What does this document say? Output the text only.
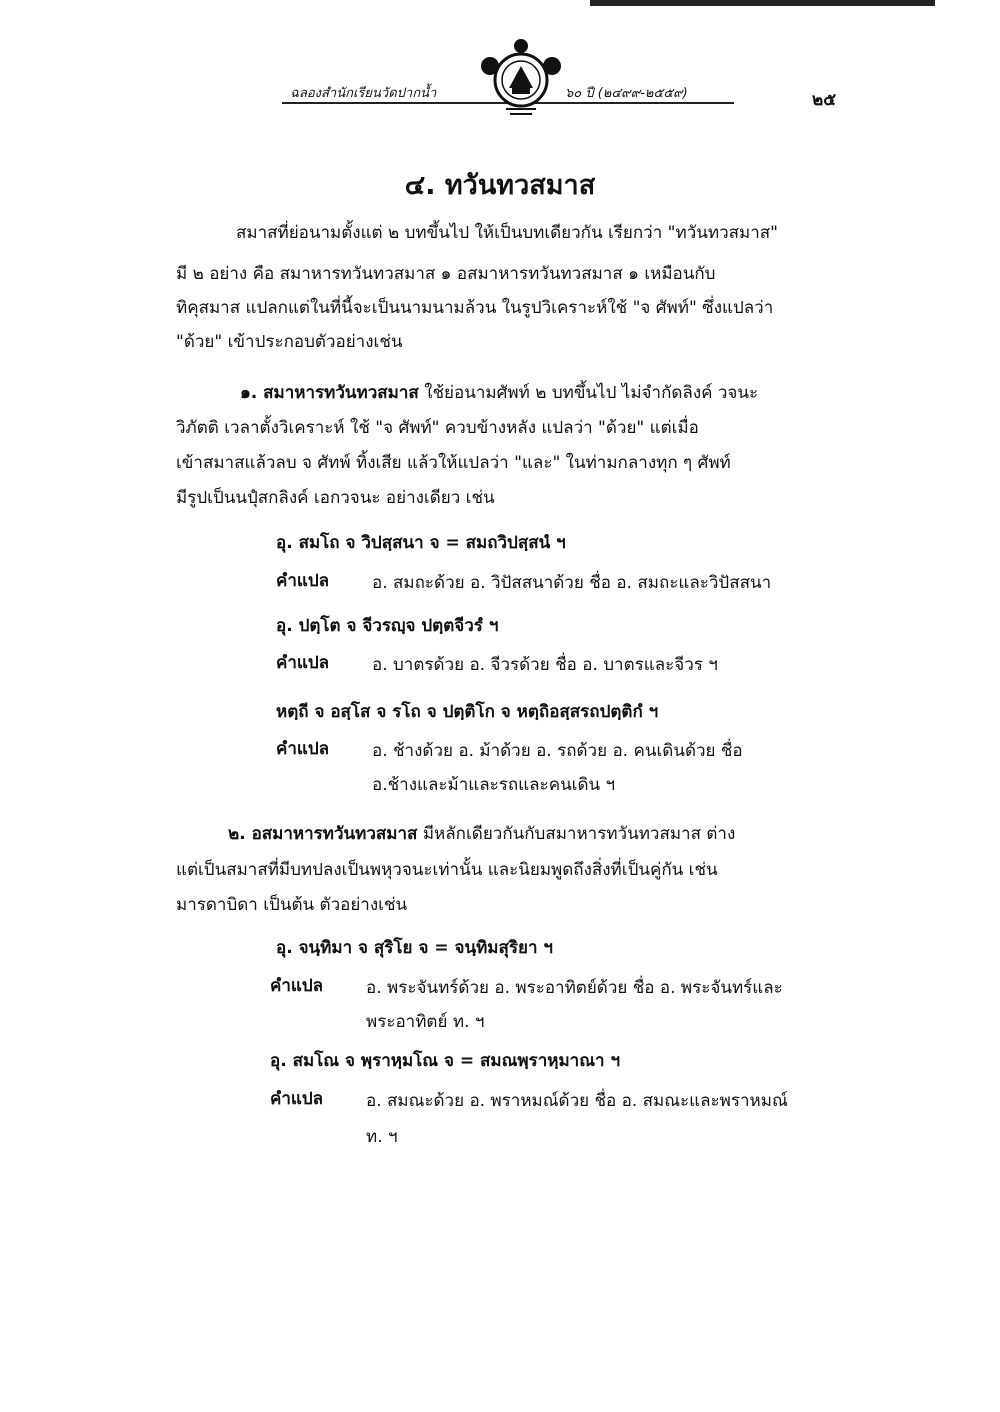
ฉลองสำนักเรียนวัดปากน้ำ	๖๐ ปี (๒๔๙๙-๒๕๕๙)	๒๕
๔. ทวันทวสมาส
สมาสที่ย่อนามตั้งแต่ ๒ บทขึ้นไป ให้เป็นบทเดียวกัน เรียกว่า "ทวันทวสมาส"
มี ๒ อย่าง คือ สมาหารทวันทวสมาส ๑ อสมาหารทวันทวสมาส ๑ เหมือนกับ
ทิคุสมาส แปลกแต่ในที่นี้จะเป็นนามนามล้วน ในรูปวิเคราะห์ใช้ "จ ศัพท์" ซึ่งแปลว่า
"ด้วย" เข้าประกอบตัวอย่างเช่น
๑. สมาหารทวันทวสมาส ใช้ย่อนามศัพท์ ๒ บทขึ้นไป ไม่จำกัดลิงค์ วจนะ
วิภัตติ เวลาตั้งวิเคราะห์ ใช้ "จ ศัพท์" ควบข้างหลัง แปลว่า "ด้วย" แต่เมื่อ
เข้าสมาสแล้วลบ จ ศัทพ์ ทิ้งเสีย แล้วให้แปลว่า "และ" ในท่ามกลางทุก ๆ ศัพท์
มีรูปเป็นนปุํสกลิงค์ เอกวจนะ อย่างเดียว เช่น
อุ. สมโถ จ วิปสฺสนา จ = สมถวิปสฺสนํ ฯ
คำแปล	อ. สมถะด้วย อ. วิปัสสนาด้วย ชื่อ อ. สมถะและวิปัสสนา
อุ. ปตฺโต จ จีวรญฺจ ปตฺตจีวรํ ฯ
คำแปล	อ. บาตรด้วย อ. จีวรด้วย ชื่อ อ. บาตรและจีวร ฯ
หตฺถี จ อสฺโส จ รโถ จ ปตฺติโก จ หตฺถิอสฺสรถปตฺติกํ ฯ
คำแปล	อ. ช้างด้วย อ. ม้าด้วย อ. รถด้วย อ. คนเดินด้วย ชื่อ
อ.ช้างและม้าและรถและคนเดิน ฯ
๒. อสมาหารทวันทวสมาส มีหลักเดียวกันกับสมาหารทวันทวสมาส ต่าง
แต่เป็นสมาสที่มีบทปลงเป็นพหุวจนะเท่านั้น และนิยมพูดถึงสิ่งที่เป็นคู่กัน เช่น
มารดาบิดา เป็นต้น ตัวอย่างเช่น
อุ. จนฺทิมา จ สุริโย จ = จนฺทิมสุริยา ฯ
คำแปล	อ. พระจันทร์ด้วย อ. พระอาทิตย์ด้วย ชื่อ อ. พระจันทร์และ
พระอาทิตย์ ท. ฯ
อุ. สมโณ จ พฺราหฺมโณ จ = สมณพฺราหฺมาณา ฯ
คำแปล	อ. สมณะด้วย อ. พราหมณ์ด้วย ชื่อ อ. สมณะและพราหมณ์
ท. ฯ
